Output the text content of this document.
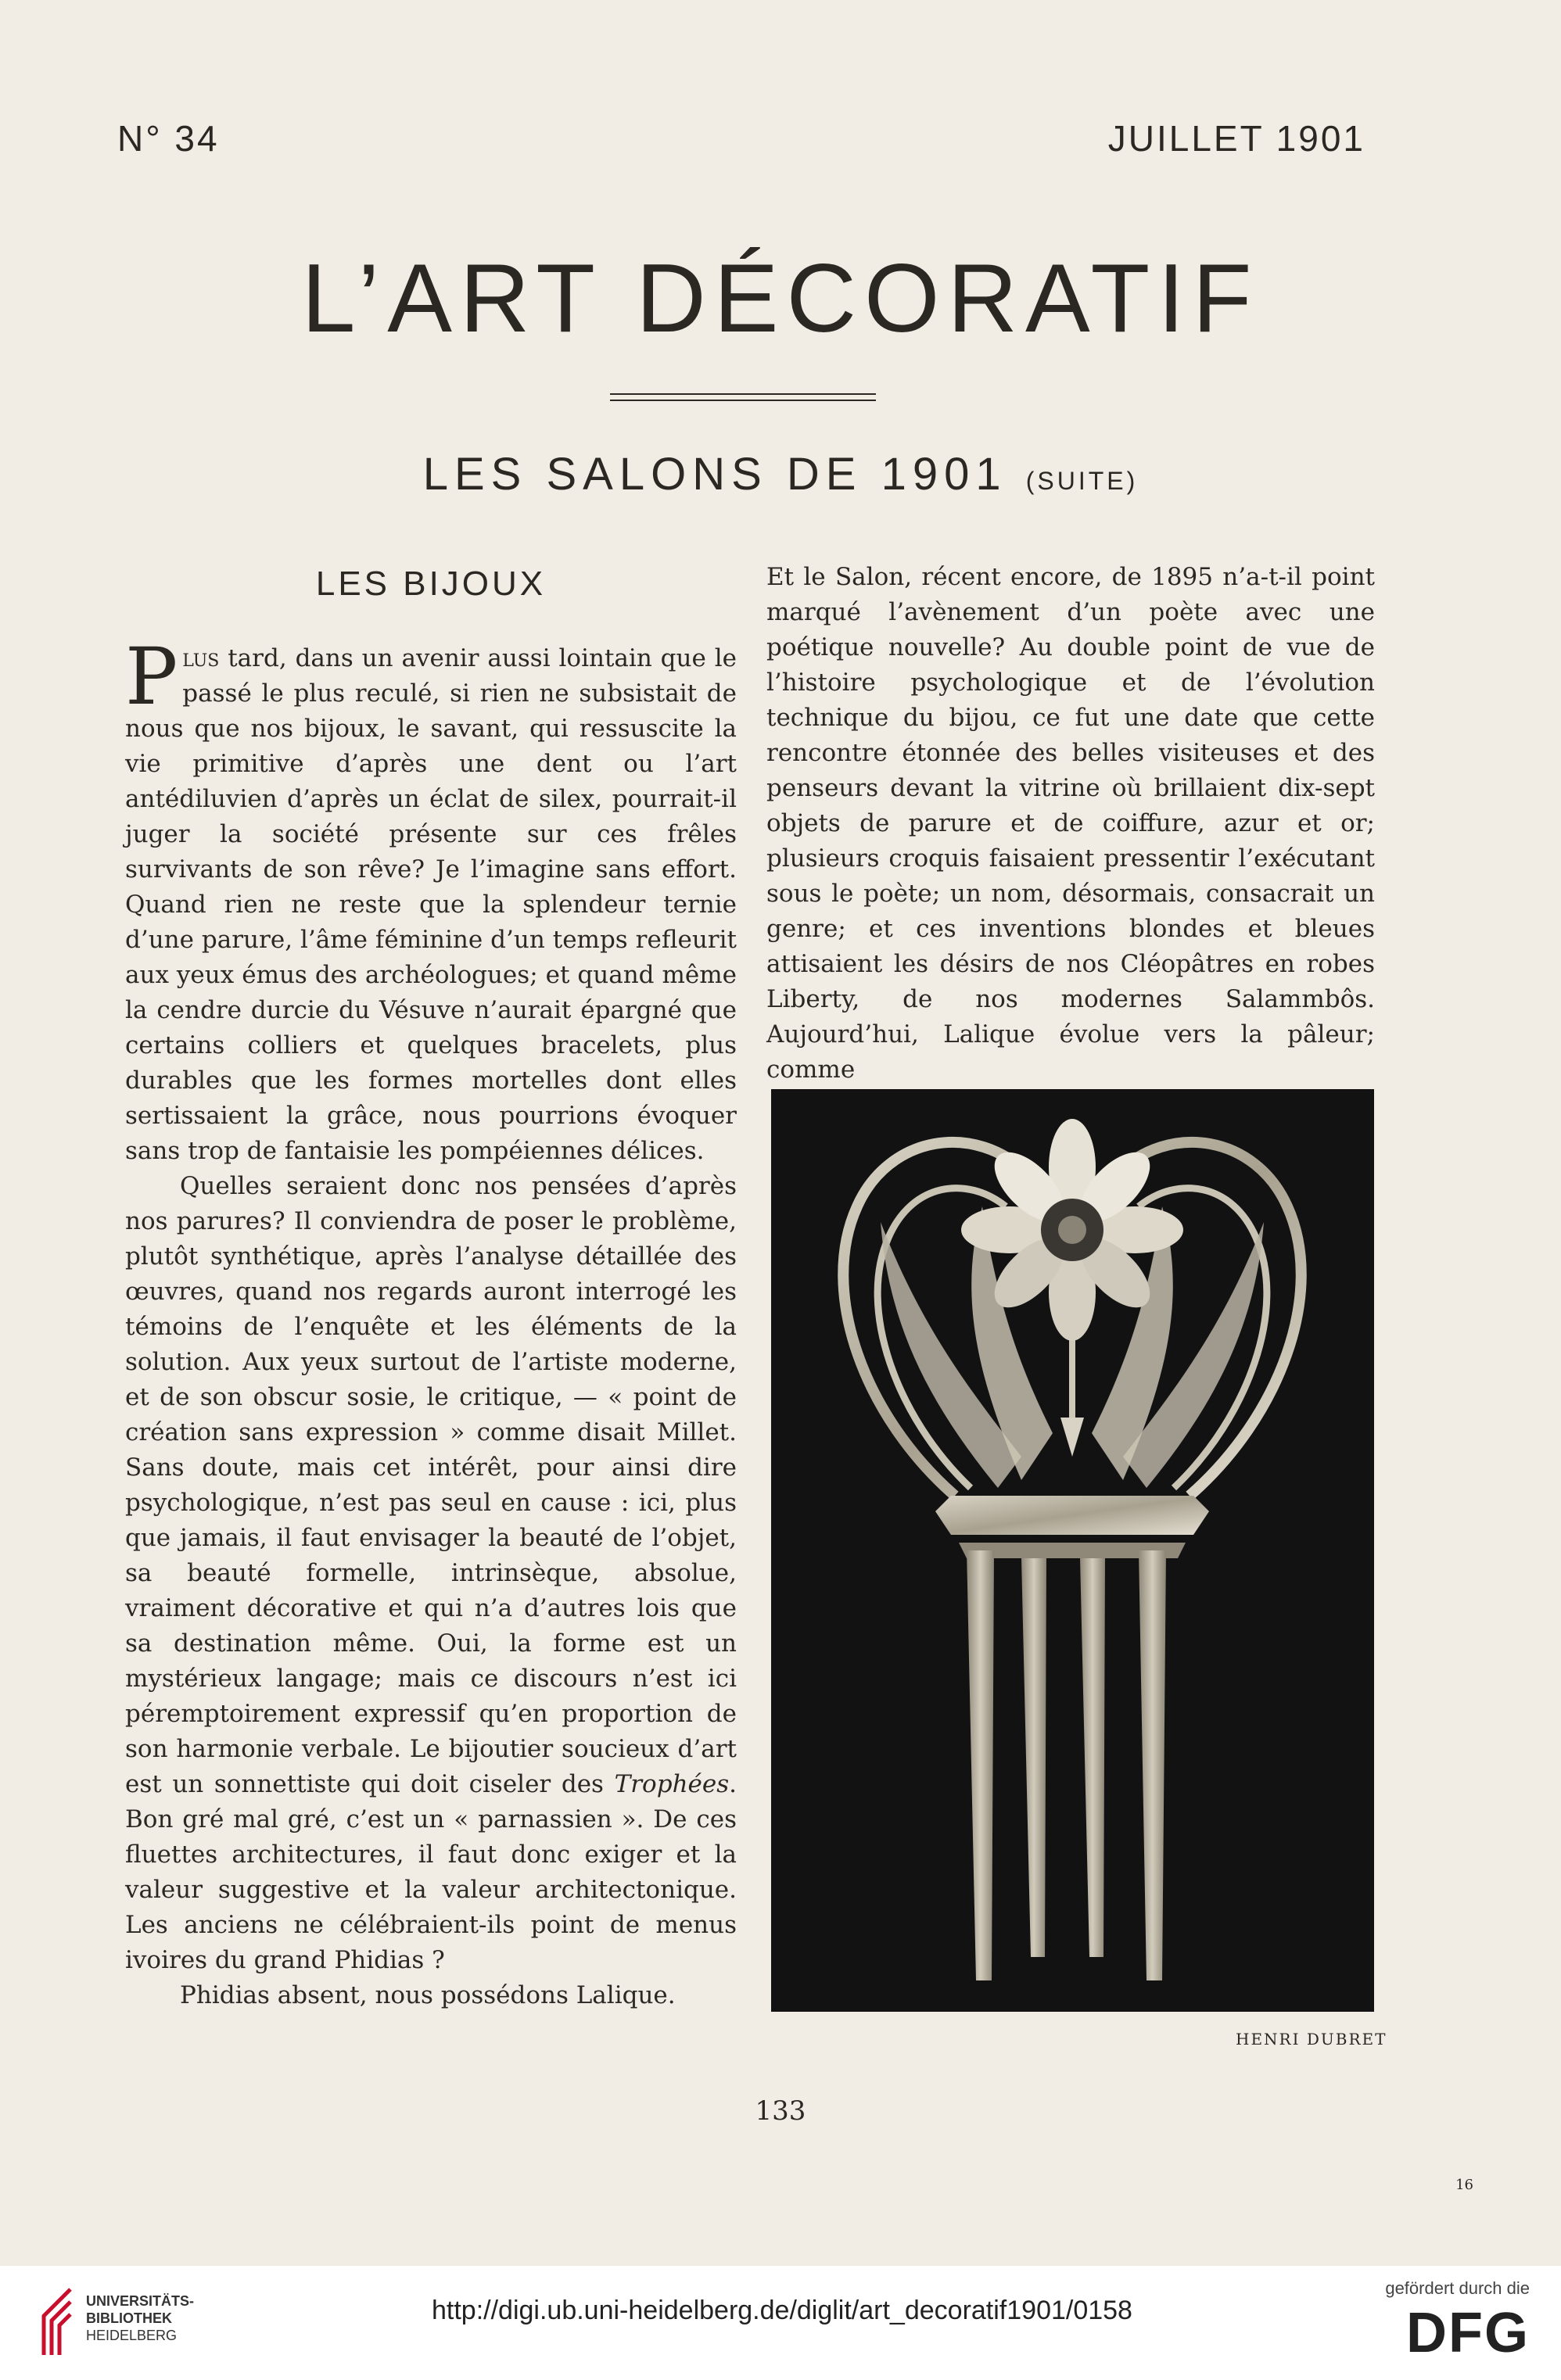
N° 34	JUILLET 1901
L’ART DÉCORATIF
LES SALONS DE 1901 (SUITE)
LES BIJOUX

Plus tard, dans un avenir aussi lointain que le passé le plus reculé, si rien ne subsistait de nous que nos bijoux, le savant, qui ressuscite la vie primitive d’après une dent ou l’art antédiluvien d’après un éclat de silex, pourrait-il juger la société présente sur ces frêles survivants de son rêve? Je l’imagine sans effort. Quand rien ne reste que la splendeur ternie d’une parure, l’âme féminine d’un temps refleurit aux yeux émus des archéologues; et quand même la cendre durcie du Vésuve n’aurait épargné que certains colliers et quelques bracelets, plus durables que les formes mortelles dont elles sertissaient la grâce, nous pourrions évoquer sans trop de fantaisie les pompéiennes délices.

Quelles seraient donc nos pensées d’après nos parures? Il conviendra de poser le problème, plutôt synthétique, après l’analyse détaillée des œuvres, quand nos regards auront interrogé les témoins de l’enquête et les éléments de la solution. Aux yeux surtout de l’artiste moderne, et de son obscur sosie, le critique, — « point de création sans expression » comme disait Millet. Sans doute, mais cet intérêt, pour ainsi dire psychologique, n’est pas seul en cause : ici, plus que jamais, il faut envisager la beauté de l’objet, sa beauté formelle, intrinsèque, absolue, vraiment décorative et qui n’a d’autres lois que sa destination même. Oui, la forme est un mystérieux langage; mais ce discours n’est ici péremptoirement expressif qu’en proportion de son harmonie verbale. Le bijoutier soucieux d’art est un sonnettiste qui doit ciseler des Trophées. Bon gré mal gré, c’est un « parnassien ». De ces fluettes architectures, il faut donc exiger et la valeur suggestive et la valeur architectonique. Les anciens ne célébraient-ils point de menus ivoires du grand Phidias ?

Phidias absent, nous possédons Lalique.

Et le Salon, récent encore, de 1895 n’a-t-il point marqué l’avènement d’un poète avec une poétique nouvelle? Au double point de vue de l’histoire psychologique et de l’évolution technique du bijou, ce fut une date que cette rencontre étonnée des belles visiteuses et des penseurs devant la vitrine où brillaient dix-sept objets de parure et de coiffure, azur et or; plusieurs croquis faisaient pressentir l’exécutant sous le poète; un nom, désormais, consacrait un genre; et ces inventions blondes et bleues attisaient les désirs de nos Cléopâtres en robes Liberty, de nos modernes Salammbôs. Aujourd’hui, Lalique évolue vers la pâleur; comme

HENRI DUBRET
133
16
UNIVERSITÄTS-
BIBLIOTHEK
HEIDELBERG
http://digi.ub.uni-heidelberg.de/diglit/art_decoratif1901/0158
gefördert durch die
DFG
